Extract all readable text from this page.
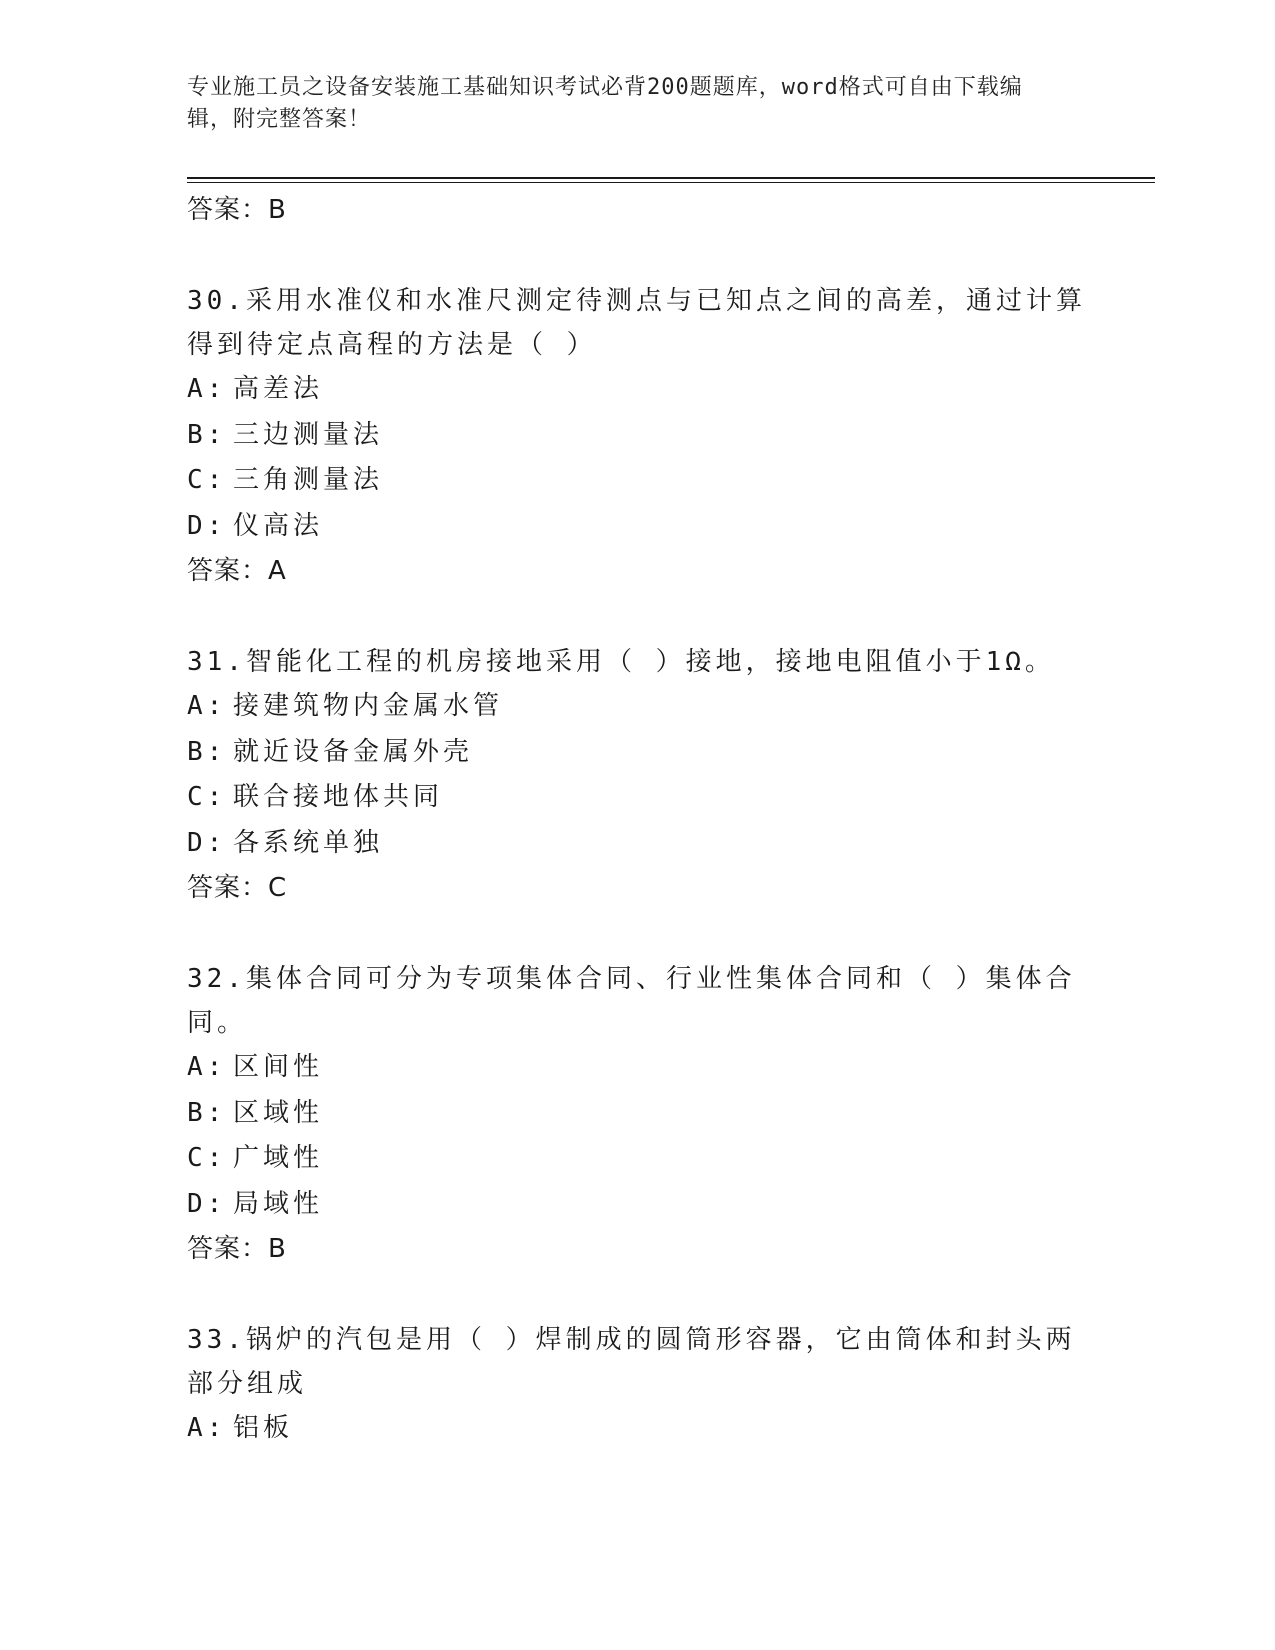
专业施工员之设备安装施工基础知识考试必背200题题库，word格式可自由下载编辑，附完整答案！
答案：B

30.采用水准仪和水准尺测定待测点与已知点之间的高差，通过计算得到待定点高程的方法是（ ）

A: 高差法
B: 三边测量法
C: 三角测量法
D: 仪高法
答案：A

31.智能化工程的机房接地采用（ ）接地，接地电阻值小于1Ω。

A: 接建筑物内金属水管
B: 就近设备金属外壳
C: 联合接地体共同
D: 各系统单独
答案：C

32.集体合同可分为专项集体合同、行业性集体合同和（ ）集体合同。

A: 区间性
B: 区域性
C: 广域性
D: 局域性
答案：B

33.锅炉的汽包是用（ ）焊制成的圆筒形容器，它由筒体和封头两部分组成

A: 铝板
